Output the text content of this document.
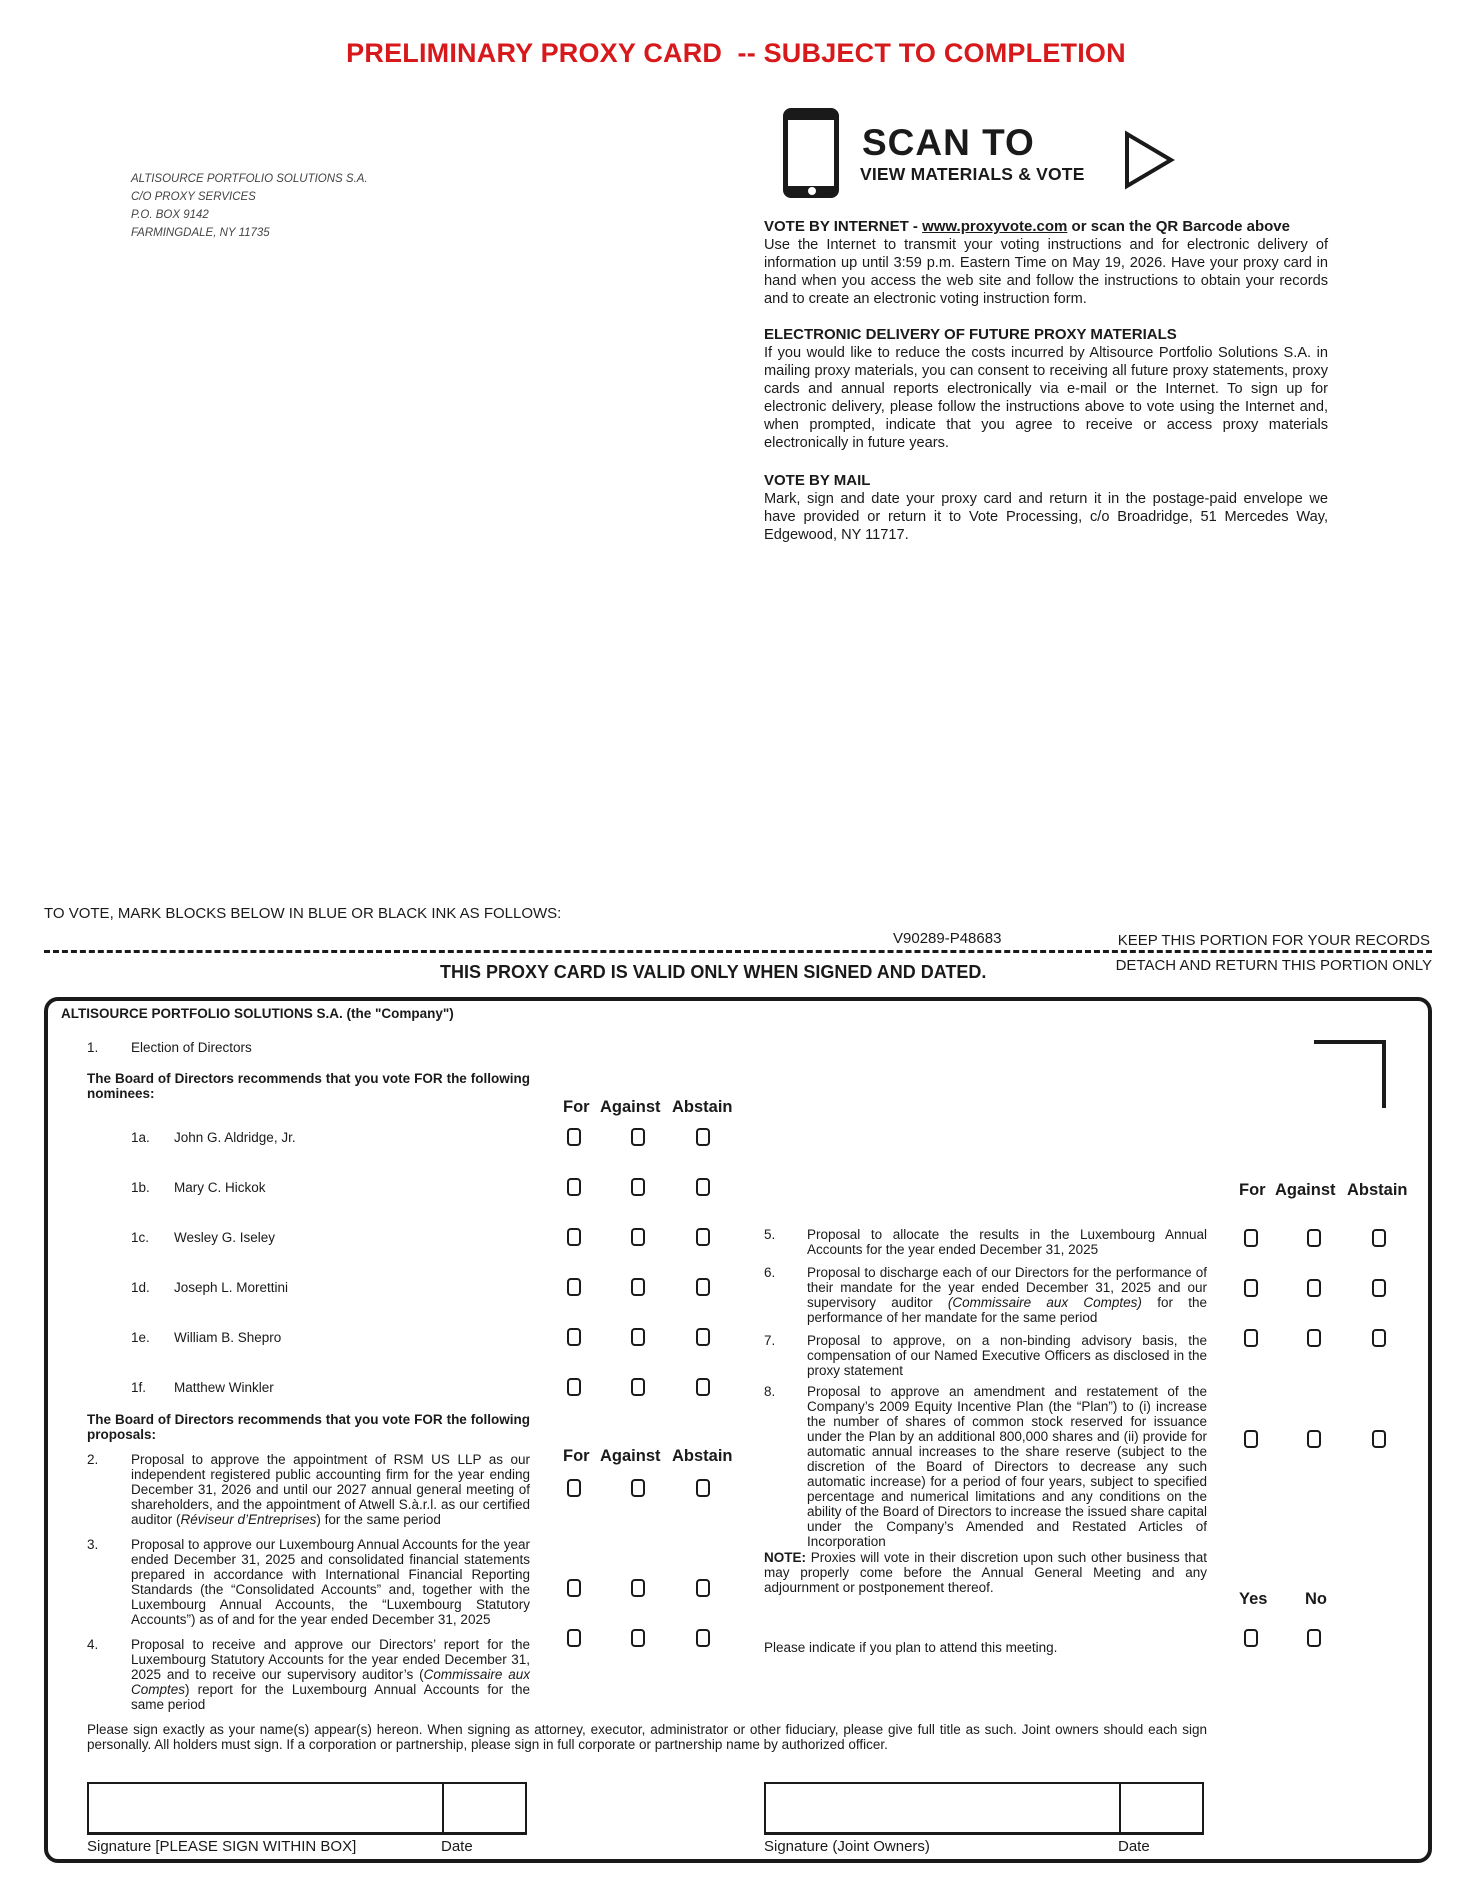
PRELIMINARY PROXY CARD  -- SUBJECT TO COMPLETION
ALTISOURCE PORTFOLIO SOLUTIONS S.A.
C/O PROXY SERVICES
P.O. BOX 9142
FARMINGDALE, NY 11735
SCAN TO
VIEW MATERIALS & VOTE
VOTE BY INTERNET - www.proxyvote.com or scan the QR Barcode above
Use the Internet to transmit your voting instructions and for electronic delivery of information up until 3:59 p.m. Eastern Time on May 19, 2026. Have your proxy card in hand when you access the web site and follow the instructions to obtain your records and to create an electronic voting instruction form.
ELECTRONIC DELIVERY OF FUTURE PROXY MATERIALS
If you would like to reduce the costs incurred by Altisource Portfolio Solutions S.A. in mailing proxy materials, you can consent to receiving all future proxy statements, proxy cards and annual reports electronically via e-mail or the Internet. To sign up for electronic delivery, please follow the instructions above to vote using the Internet and, when prompted, indicate that you agree to receive or access proxy materials electronically in future years.
VOTE BY MAIL
Mark, sign and date your proxy card and return it in the postage-paid envelope we have provided or return it to Vote Processing, c/o Broadridge, 51 Mercedes Way, Edgewood, NY 11717.
TO VOTE, MARK BLOCKS BELOW IN BLUE OR BLACK INK AS FOLLOWS:
V90289-P48683	KEEP THIS PORTION FOR YOUR RECORDS
DETACH AND RETURN THIS PORTION ONLY
THIS PROXY CARD IS VALID ONLY WHEN SIGNED AND DATED.
ALTISOURCE PORTFOLIO SOLUTIONS S.A. (the "Company")
1. Election of Directors
The Board of Directors recommends that you vote FOR the following nominees:
For Against Abstain
1a. John G. Aldridge, Jr.
1b. Mary C. Hickok
1c. Wesley G. Iseley
1d. Joseph L. Morettini
1e. William B. Shepro
1f. Matthew Winkler
The Board of Directors recommends that you vote FOR the following proposals:
For Against Abstain
2. Proposal to approve the appointment of RSM US LLP as our independent registered public accounting firm for the year ending December 31, 2026 and until our 2027 annual general meeting of shareholders, and the appointment of Atwell S.à.r.l. as our certified auditor (Réviseur d’Entreprises) for the same period
3. Proposal to approve our Luxembourg Annual Accounts for the year ended December 31, 2025 and consolidated financial statements prepared in accordance with International Financial Reporting Standards (the “Consolidated Accounts” and, together with the Luxembourg Annual Accounts, the “Luxembourg Statutory Accounts”) as of and for the year ended December 31, 2025
4. Proposal to receive and approve our Directors’ report for the Luxembourg Statutory Accounts for the year ended December 31, 2025 and to receive our supervisory auditor’s (Commissaire aux Comptes) report for the Luxembourg Annual Accounts for the same period
For Against Abstain
5. Proposal to allocate the results in the Luxembourg Annual Accounts for the year ended December 31, 2025
6. Proposal to discharge each of our Directors for the performance of their mandate for the year ended December 31, 2025 and our supervisory auditor (Commissaire aux Comptes) for the performance of her mandate for the same period
7. Proposal to approve, on a non-binding advisory basis, the compensation of our Named Executive Officers as disclosed in the proxy statement
8. Proposal to approve an amendment and restatement of the Company’s 2009 Equity Incentive Plan (the “Plan”) to (i) increase the number of shares of common stock reserved for issuance under the Plan by an additional 800,000 shares and (ii) provide for automatic annual increases to the share reserve (subject to the discretion of the Board of Directors to decrease any such automatic increase) for a period of four years, subject to specified percentage and numerical limitations and any conditions on the ability of the Board of Directors to increase the issued share capital under the Company’s Amended and Restated Articles of Incorporation
NOTE: Proxies will vote in their discretion upon such other business that may properly come before the Annual General Meeting and any adjournment or postponement thereof.
Yes No
Please indicate if you plan to attend this meeting.
Please sign exactly as your name(s) appear(s) hereon. When signing as attorney, executor, administrator or other fiduciary, please give full title as such. Joint owners should each sign personally. All holders must sign. If a corporation or partnership, please sign in full corporate or partnership name by authorized officer.
Signature [PLEASE SIGN WITHIN BOX]	Date	Signature (Joint Owners)	Date
